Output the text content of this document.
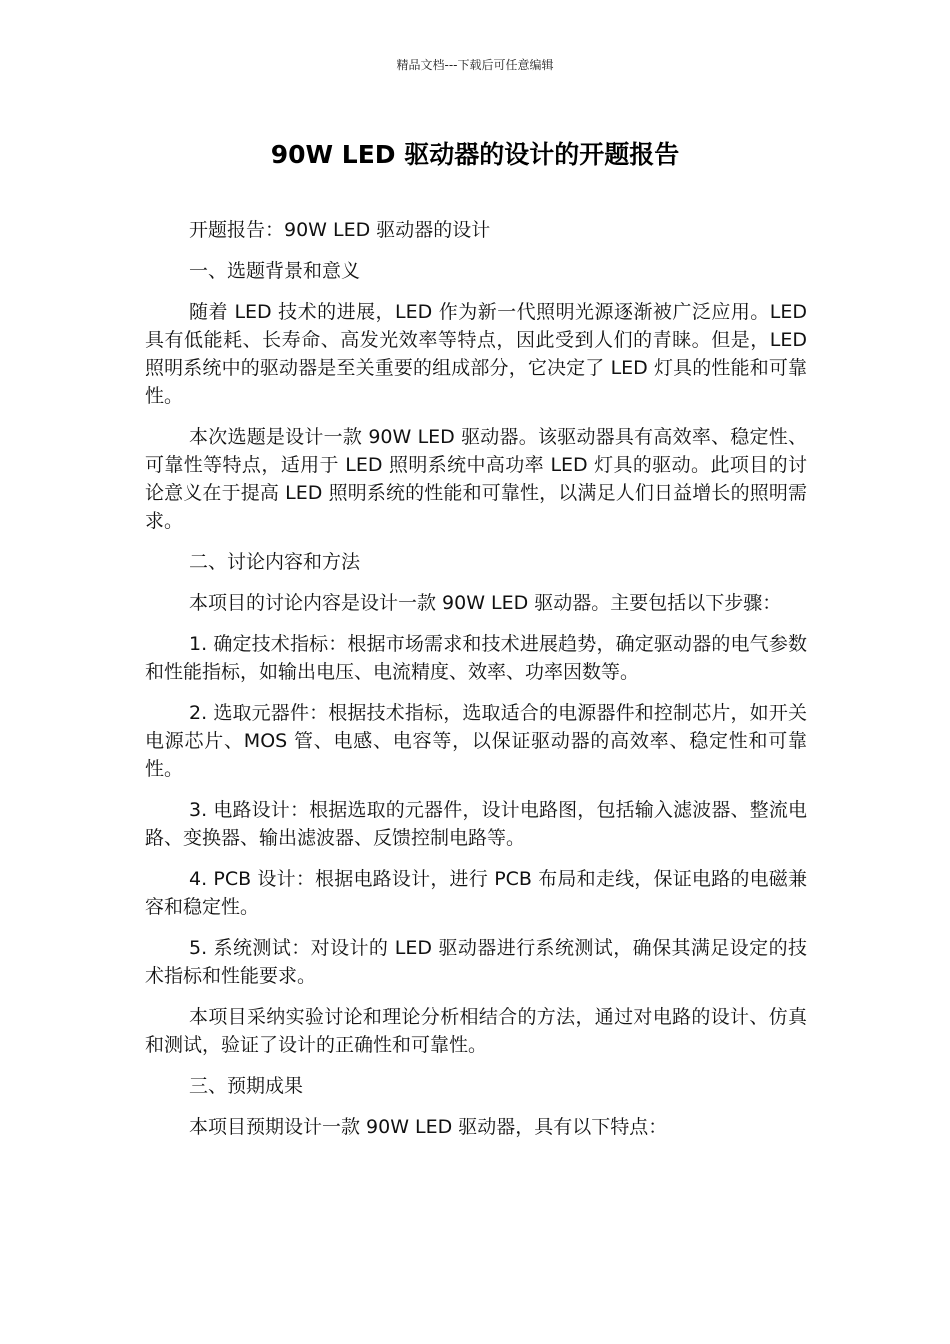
精品文档---下载后可任意编辑
90W LED 驱动器的设计的开题报告

开题报告：90W LED 驱动器的设计

一、选题背景和意义

随着 LED 技术的进展，LED 作为新一代照明光源逐渐被广泛应用。LED 具有低能耗、长寿命、高发光效率等特点，因此受到人们的青睐。但是，LED 照明系统中的驱动器是至关重要的组成部分，它决定了 LED 灯具的性能和可靠性。

本次选题是设计一款 90W LED 驱动器。该驱动器具有高效率、稳定性、可靠性等特点，适用于 LED 照明系统中高功率 LED 灯具的驱动。此项目的讨论意义在于提高 LED 照明系统的性能和可靠性，以满足人们日益增长的照明需求。

二、讨论内容和方法

本项目的讨论内容是设计一款 90W LED 驱动器。主要包括以下步骤：

1. 确定技术指标：根据市场需求和技术进展趋势，确定驱动器的电气参数和性能指标，如输出电压、电流精度、效率、功率因数等。

2. 选取元器件：根据技术指标，选取适合的电源器件和控制芯片，如开关电源芯片、MOS 管、电感、电容等，以保证驱动器的高效率、稳定性和可靠性。

3. 电路设计：根据选取的元器件，设计电路图，包括输入滤波器、整流电路、变换器、输出滤波器、反馈控制电路等。

4. PCB 设计：根据电路设计，进行 PCB 布局和走线，保证电路的电磁兼容和稳定性。

5. 系统测试：对设计的 LED 驱动器进行系统测试，确保其满足设定的技术指标和性能要求。

本项目采纳实验讨论和理论分析相结合的方法，通过对电路的设计、仿真和测试，验证了设计的正确性和可靠性。

三、预期成果

本项目预期设计一款 90W LED 驱动器，具有以下特点：
